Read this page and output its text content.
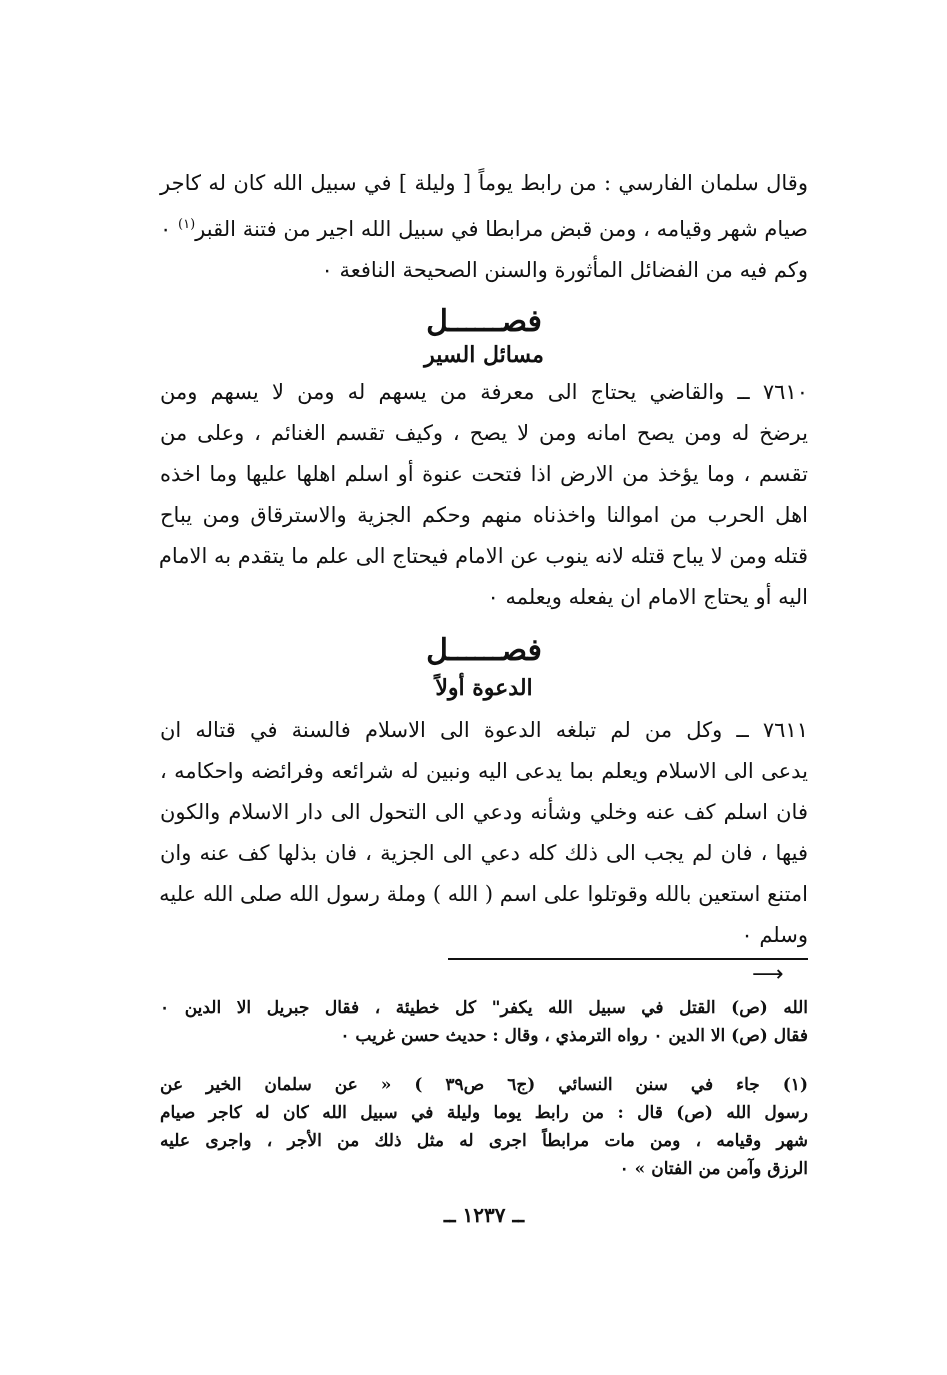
وقال سلمان الفارسي : من رابط يوماً [ وليلة ] في سبيل الله كان له كاجر
صيام شهر وقيامه ، ومن قبض مرابطا في سبيل الله اجير من فتنة القبر$^{(١)}$ ٠
وكم فيه من الفضائل المأثورة والسنن الصحيحة النافعة ٠
فصــــــل
مسائل السير
٧٦١٠ ــ والقاضي يحتاج الى معرفة من يسهم له ومن لا يسهم ومن
يرضخ له ومن يصح امانه ومن لا يصح ، وكيف تقسم الغنائم ، وعلى من
تقسم ، وما يؤخذ من الارض اذا فتحت عنوة أو اسلم اهلها عليها وما اخذه
اهل الحرب من اموالنا واخذناه منهم وحكم الجزية والاسترقاق ومن يباح
قتله ومن لا يباح قتله لانه ينوب عن الامام فيحتاج الى علم ما يتقدم به الامام
اليه أو يحتاج الامام ان يفعله ويعلمه ٠
فصــــــل
الدعوة أولاً
٧٦١١ ــ وكل من لم تبلغه الدعوة الى الاسلام فالسنة في قتاله ان
يدعى الى الاسلام ويعلم بما يدعى اليه ونبين له شرائعه وفرائضه واحكامه ،
فان اسلم كف عنه وخلي وشأنه ودعي الى التحول الى دار الاسلام والكون
فيها ، فان لم يجب الى ذلك كله دعي الى الجزية ، فان بذلها كف عنه وان
امتنع استعين بالله وقوتلوا على اسم ( الله ) وملة رسول الله صلى الله عليه
وسلم ٠
⟶
الله (ص) القتل في سبيل الله يكفر" كل خطيئة ، فقال جبريل الا الدين ٠
فقال (ص) الا الدين ٠ رواه الترمذي ، وقال : حديث حسن غريب ٠
(١) جاء في سنن النسائي (ج٦ ص٣٩ ) « عن سلمان الخير عن
رسول الله (ص) قال : من رابط يوما وليلة في سبيل الله كان له كاجر صيام
شهر وقيامه ، ومن مات مرابطاً اجرى له مثل ذلك من الأجر ، واجرى عليه
الرزق وآمن من الفتان » ٠
ــ ١٢٣٧ ــ
